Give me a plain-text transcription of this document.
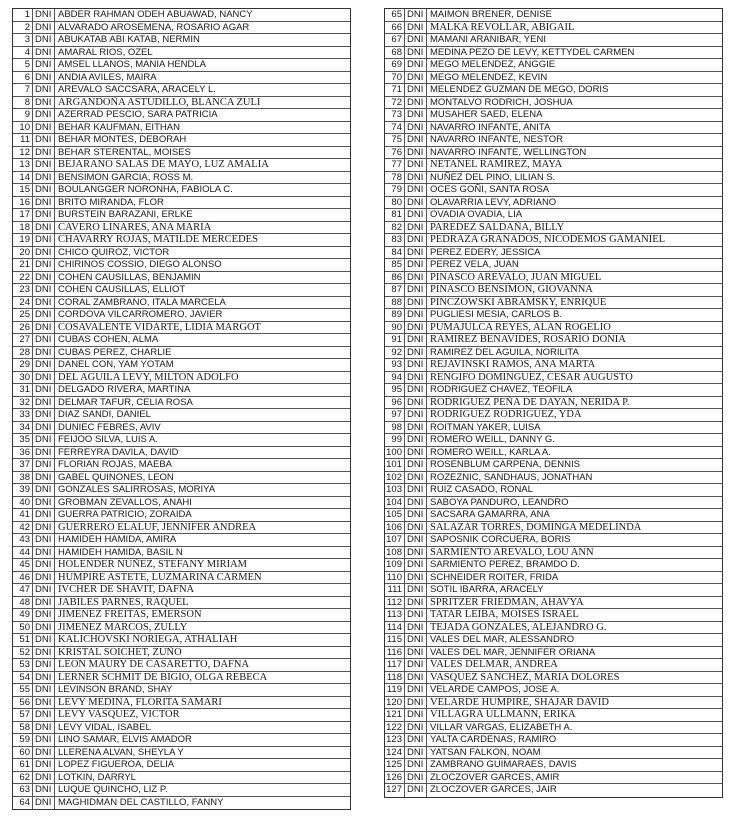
1 DNI ABDER RAHMAN ODEH ABUAWAD, NANCY
2 DNI ALVARADO AROSEMENA, ROSARIO AGAR
3 DNI ABUKATAB ABI KATAB, NERMIN
4 DNI AMARAL RIOS, OZEL
5 DNI AMSEL LLANOS, MANIA HENDLA
6 DNI ANDIA AVILES, MAIRA
7 DNI AREVALO SACCSARA, ARACELY L.
8 DNI ARGANDOÑA ASTUDILLO, BLANCA ZULI
9 DNI AZERRAD PESCIO, SARA PATRICIA
10 DNI BEHAR KAUFMAN, EITHAN
11 DNI BEHAR MONTES, DEBORAH
12 DNI BEHAR STERENTAL, MOISES
13 DNI BEJARANO SALAS DE MAYO, LUZ AMALIA
14 DNI BENSIMON GARCIA, ROSS M.
15 DNI BOULANGGER NORONHA, FABIOLA C.
16 DNI BRITO MIRANDA, FLOR
17 DNI BURSTEIN BARAZANI, ERLKE
18 DNI CAVERO LINARES, ANA MARIA
19 DNI CHAVARRY ROJAS, MATILDE MERCEDES
20 DNI CHICO QUIROZ, VICTOR
21 DNI CHIRINOS COSSIO, DIEGO ALONSO
22 DNI COHEN CAUSILLAS, BENJAMIN
23 DNI COHEN CAUSILLAS, ELLIOT
24 DNI CORAL ZAMBRANO, ITALA MARCELA
25 DNI CORDOVA VILCARROMERO, JAVIER
26 DNI COSAVALENTE VIDARTE, LIDIA MARGOT
27 DNI CUBAS COHEN, ALMA
28 DNI CUBAS PEREZ, CHARLIE
29 DNI DANEL CON, YAM YOTAM
30 DNI DEL AGUILA LEVY, MILTON ADOLFO
31 DNI DELGADO RIVERA, MARTINA
32 DNI DELMAR TAFUR, CELIA ROSA
33 DNI DIAZ SANDI, DANIEL
34 DNI DUNIEC FEBRES, AVIV
35 DNI FEIJOO SILVA, LUIS A.
36 DNI FERREYRA DAVILA, DAVID
37 DNI FLORIAN ROJAS, MAEBA
38 DNI GABEL QUINONES, LEON
39 DNI GONZALES SALIRROSAS, MORIYA
40 DNI GROBMAN ZEVALLOS, ANAHI
41 DNI GUERRA PATRICIO, ZORAIDA
42 DNI GUERRERO ELALUF, JENNIFER ANDREA
43 DNI HAMIDEH HAMIDA, AMIRA
44 DNI HAMIDEH HAMIDA, BASIL N
45 DNI HOLENDER NUÑEZ, STEFANY MIRIAM
46 DNI HUMPIRE ASTETE, LUZMARINA CARMEN
47 DNI IVCHER DE SHAVIT, DAFNA
48 DNI JABILES PARNES, RAQUEL
49 DNI JIMENEZ FREITAS, EMERSON
50 DNI JIMENEZ MARCOS, ZULLY
51 DNI KALICHOVSKI NORIEGA, ATHALIAH
52 DNI KRISTAL SOICHET, ZUÑO
53 DNI LEON MAURY DE CASARETTO, DAFNA
54 DNI LERNER SCHMIT DE BIGIO, OLGA REBECA
55 DNI LEVINSON BRAND, SHAY
56 DNI LEVY MEDINA, FLORITA SAMARI
57 DNI LEVY VASQUEZ, VICTOR
58 DNI LEVY VIDAL, ISABEL
59 DNI LINO SAMAR, ELVIS AMADOR
60 DNI LLERENA ALVAN, SHEYLA Y
61 DNI LOPEZ FIGUEROA, DELIA
62 DNI LOTKIN, DARRYL
63 DNI LUQUE QUINCHO, LIZ P.
64 DNI MAGHIDMAN DEL CASTILLO, FANNY
65 DNI MAIMON BRENER, DENISE
66 DNI MALKA REVOLLAR, ABIGAIL
67 DNI MAMANI ARANIBAR, YENI
68 DNI MEDINA PEZO DE LEVY, KETTYDEL CARMEN
69 DNI MEGO MELENDEZ, ANGGIE
70 DNI MEGO MELENDEZ, KEVIN
71 DNI MELENDEZ GUZMAN DE MEGO, DORIS
72 DNI MONTALVO RODRICH, JOSHUA
73 DNI MUSAHER SAED, ELENA
74 DNI NAVARRO INFANTE, ANITA
75 DNI NAVARRO INFANTE, NESTOR
76 DNI NAVARRO INFANTE, WELLINGTON
77 DNI NETANEL RAMIREZ, MAYA
78 DNI NUÑEZ DEL PINO, LILIAN S.
79 DNI OCES GOÑI, SANTA ROSA
80 DNI OLAVARRIA LEVY, ADRIANO
81 DNI OVADIA OVADIA, LIA
82 DNI PAREDEZ SALDAÑA, BILLY
83 DNI PEDRAZA GRANADOS, NICODEMOS GAMANIEL
84 DNI PEREZ EDERY, JESSICA
85 DNI PEREZ VELA, JUAN
86 DNI PINASCO AREVALO, JUAN MIGUEL
87 DNI PINASCO BENSIMON, GIOVANNA
88 DNI PINCZOWSKI ABRAMSKY, ENRIQUE
89 DNI PUGLIESI MESIA, CARLOS B.
90 DNI PUMAJULCA REYES, ALAN ROGELIO
91 DNI RAMIREZ BENAVIDES, ROSARIO DONIA
92 DNI RAMIREZ DEL AGUILA, NORILITA
93 DNI REJAVINSKI RAMOS, ANA MARTA
94 DNI RENGIFO DOMINGUEZ, CESAR AUGUSTO
95 DNI RODRIGUEZ CHAVEZ, TEOFILA
96 DNI RODRIGUEZ PEÑA DE DAYAN, NERIDA P.
97 DNI RODRIGUEZ RODRIGUEZ, YDA
98 DNI ROITMAN YAKER, LUISA
99 DNI ROMERO WEILL, DANNY G.
100 DNI ROMERO WEILL, KARLA A.
101 DNI ROSENBLUM CARPENA, DENNIS
102 DNI ROZEZNIC, SANDHAUS, JONATHAN
103 DNI RUIZ CASADO, RONAL
104 DNI SABOYA PANDURO, LEANDRO
105 DNI SACSARA GAMARRA, ANA
106 DNI SALAZAR TORRES, DOMINGA MEDELINDA
107 DNI SAPOSNIK CORCUERA, BORIS
108 DNI SARMIENTO AREVALO, LOU ANN
109 DNI SARMIENTO PEREZ, BRAMDO D.
110 DNI SCHNEIDER ROITER, FRIDA
111 DNI SOTIL IBARRA, ARACELY
112 DNI SPRITZER FRIEDMAN, AHAVYA
113 DNI TATAR LEIBA, MOISES ISRAEL
114 DNI TEJADA GONZALES, ALEJANDRO G.
115 DNI VALES DEL MAR, ALESSANDRO
116 DNI VALES DEL MAR, JENNIFER ORIANA
117 DNI VALES DELMAR, ANDREA
118 DNI VASQUEZ SANCHEZ, MARIA DOLORES
119 DNI VELARDE CAMPOS, JOSE A.
120 DNI VELARDE HUMPIRE, SHAJAR DAVID
121 DNI VILLAGRA ULLMANN, ERIKA
122 DNI VILLAR VARGAS, ELIZABETH A.
123 DNI YALTA CARDENAS, RAMIRO
124 DNI YATSAN FALKON, NOAM
125 DNI ZAMBRANO GUIMARAES, DAVIS
126 DNI ZLOCZOVER GARCES, AMIR
127 DNI ZLOCZOVER GARCES, JAIR
